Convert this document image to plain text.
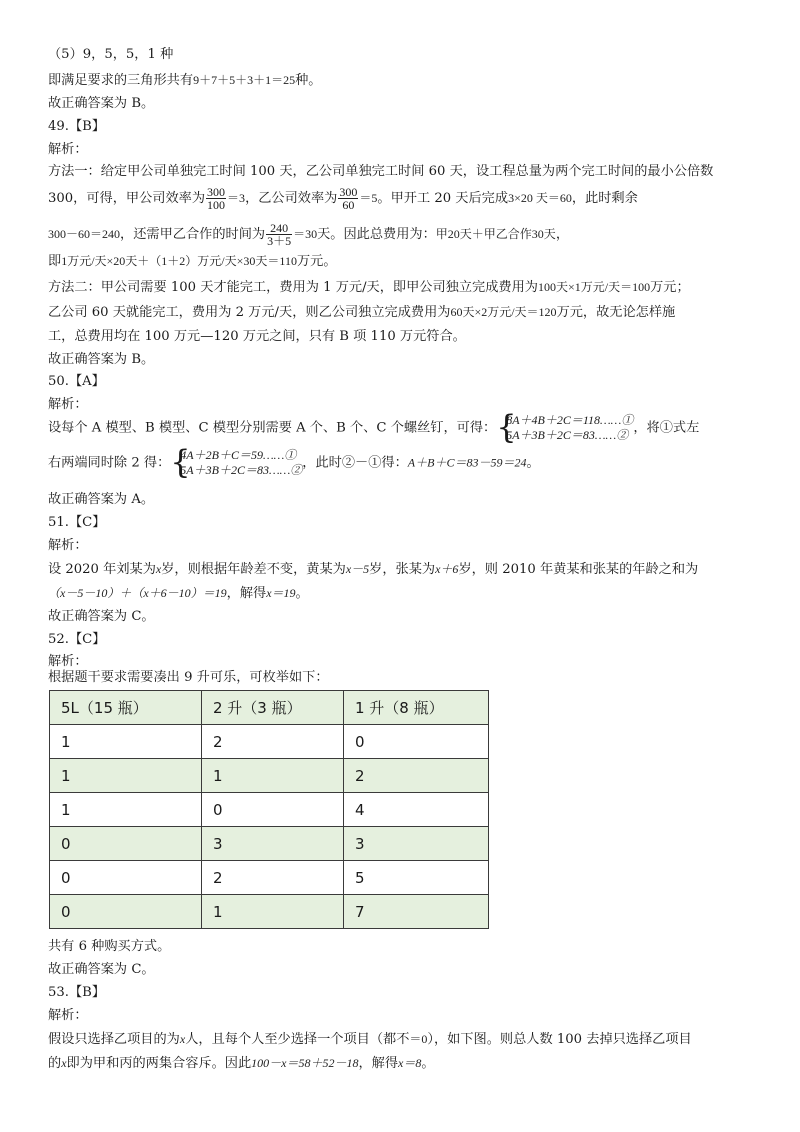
（5）9，5，5，1 种
即满足要求的三角形共有9＋7＋5＋3＋1＝25种。
故正确答案为 B。
49.【B】
解析：
方法一：给定甲公司单独完工时间 100 天，乙公司单独完工时间 60 天，设工程总量为两个完工时间的最小公倍数
300，可得，甲公司效率为 $\frac{300}{100} =3$，乙公司效率为 $\frac{300}{60} =5$。甲开工 20 天后完成3×20 天＝60，此时剩余
300－60＝240，还需甲乙合作的时间为 $\frac{240}{3+5} =30$天。因此总费用为：甲20天＋甲乙合作30天，
即1万元/天×20天＋（1＋2）万元/天×30天＝110万元。
方法二：甲公司需要 100 天才能完工，费用为 1 万元/天，即甲公司独立完成费用为100天×1万元/天＝100万元；
乙公司 60 天就能完工，费用为 2 万元/天，则乙公司独立完成费用为60天×2万元/天＝120万元，故无论怎样施
工，总费用均在 100 万元—120 万元之间，只有 B 项 110 万元符合。
故正确答案为 B。
50.【A】
解析：
设每个 A 模型、B 模型、C 模型分别需要 A 个、B 个、C 个螺丝钉，可得：
{ 8A＋4B＋2C＝118……①
5A＋3B＋2C＝83……② ，将①式左
右两端同时除 2 得：
{ 4A＋2B＋C＝59……①
5A＋3B＋2C＝83……② ，此时②－①得：A＋B＋C＝83－59＝24。
故正确答案为 A。
51.【C】
解析：
设 2020 年刘某为x岁，则根据年龄差不变，黄某为x－5岁，张某为x＋6岁，则 2010 年黄某和张某的年龄之和为
（x－5－10）＋（x＋6－10）＝19，解得x＝19。
故正确答案为 C。
52.【C】
解析：
根据题干要求需要凑出 9 升可乐，可枚举如下：
5L（15 瓶）	2 升（3 瓶）	1 升（8 瓶）
1	2	0
1	1	2
1	0	4
0	3	3
0	2	5
0	1	7
共有 6 种购买方式。
故正确答案为 C。
53.【B】
解析：
假设只选择乙项目的为x人，且每个人至少选择一个项目（都不＝0），如下图。则总人数 100 去掉只选择乙项目
的x即为甲和丙的两集合容斥。因此100－x＝58＋52－18，解得x＝8。
